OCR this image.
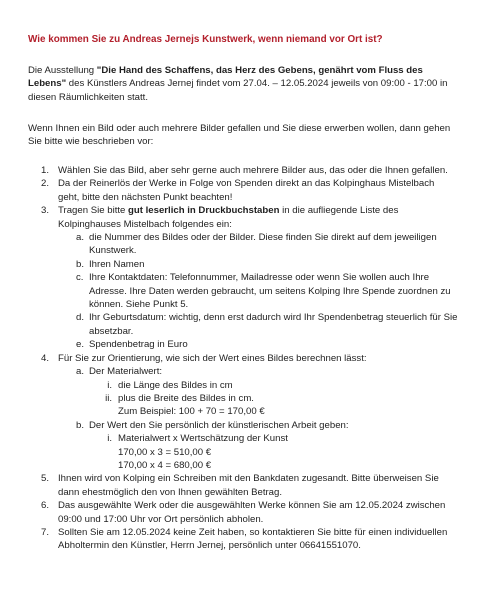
Wie kommen Sie zu Andreas Jernejs Kunstwerk, wenn niemand vor Ort ist?
Die Ausstellung "Die Hand des Schaffens, das Herz des Gebens, genährt vom Fluss des Lebens" des Künstlers Andreas Jernej findet vom 27.04. – 12.05.2024 jeweils von 09:00 - 17:00 in diesen Räumlichkeiten statt.
Wenn Ihnen ein Bild oder auch mehrere Bilder gefallen und Sie diese erwerben wollen, dann gehen Sie bitte wie beschrieben vor:
1. Wählen Sie das Bild, aber sehr gerne auch mehrere Bilder aus, das oder die Ihnen gefallen.
2. Da der Reinerlös der Werke in Folge von Spenden direkt an das Kolpinghaus Mistelbach geht, bitte den nächsten Punkt beachten!
3. Tragen Sie bitte gut leserlich in Druckbuchstaben in die aufliegende Liste des Kolpinghauses Mistelbach folgendes ein:
a. die Nummer des Bildes oder der Bilder. Diese finden Sie direkt auf dem jeweiligen Kunstwerk.
b. Ihren Namen
c. Ihre Kontaktdaten: Telefonnummer, Mailadresse oder wenn Sie wollen auch Ihre Adresse. Ihre Daten werden gebraucht, um seitens Kolping Ihre Spende zuordnen zu können. Siehe Punkt 5.
d. Ihr Geburtsdatum: wichtig, denn erst dadurch wird Ihr Spendenbetrag steuerlich für Sie absetzbar.
e. Spendenbetrag in Euro
4. Für Sie zur Orientierung, wie sich der Wert eines Bildes berechnen lässt:
a. Der Materialwert:
i. die Länge des Bildes in cm
ii. plus die Breite des Bildes in cm.
Zum Beispiel: 100 + 70 = 170,00 €
b. Der Wert den Sie persönlich der künstlerischen Arbeit geben:
i. Materialwert x Wertschätzung der Kunst
170,00 x 3 = 510,00 €
170,00 x 4 = 680,00 €
5. Ihnen wird von Kolping ein Schreiben mit den Bankdaten zugesandt. Bitte überweisen Sie dann ehestmöglich den von Ihnen gewählten Betrag.
6. Das ausgewählte Werk oder die ausgewählten Werke können Sie am 12.05.2024 zwischen 09:00 und 17:00 Uhr vor Ort persönlich abholen.
7. Sollten Sie am 12.05.2024 keine Zeit haben, so kontaktieren Sie bitte für einen individuellen Abholtermin den Künstler, Herrn Jernej, persönlich unter 06641551070.
